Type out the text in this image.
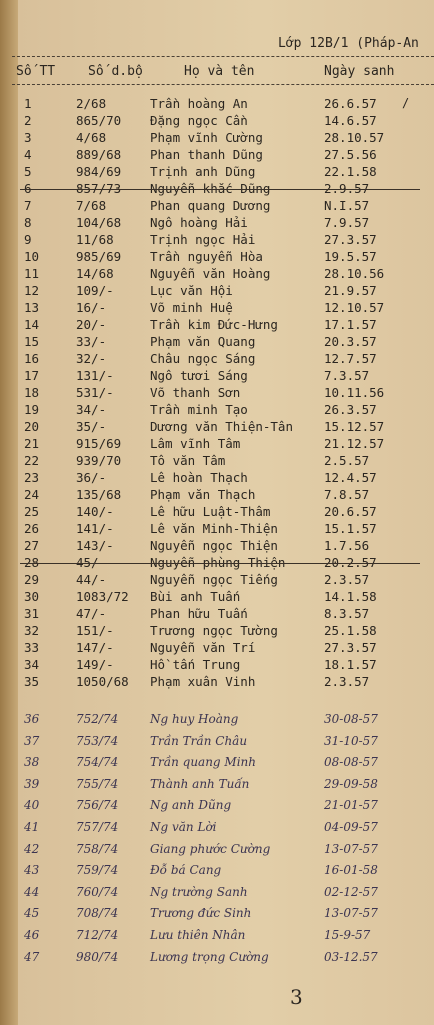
Lớp 12B/1 (Pháp-An
Số TT	Số d.bộ	Họ và tên	Ngày sanh
1	2/68	Trần hoàng An	26.6.57 /
2	865/70 Đặng ngọc Cần	14.6.57
3	4/68	Phạm vĩnh Cường	28.10.57
4	889/68 Phan thanh Dũng	27.5.56
5	984/69 Trịnh anh Dũng	22.1.58
6	857/73 Nguyễn khắc Dũng	2.9.57
7	7/68	Phan quang Dương	N.I.57
8	104/68 Ngô hoàng Hải	7.9.57
9	11/68	Trịnh ngọc Hải	27.3.57
10	985/69 Trần nguyễn Hòa	19.5.57
11	14/68	Nguyễn văn Hoàng	28.10.56
12	109/-	Lục văn Hội	21.9.57
13	16/-	Võ minh Huệ	12.10.57
14	20/-	Trần kim Đức-Hưng	17.1.57
15	33/-	Phạm văn Quang	20.3.57
16	32/-	Châu ngọc Sáng	12.7.57
17	131/-	Ngô tươi Sáng	7.3.57
18	531/-	Võ thanh Sơn	10.11.56
19	34/-	Trần minh Tạo	26.3.57
20	35/-	Dương văn Thiện-Tân 15.12.57
21	915/69 Lâm vĩnh Tâm	21.12.57
22	939/70 Tô văn Tâm	2.5.57
23	36/-	Lê hoàn Thạch	12.4.57
24	135/68 Phạm văn Thạch	7.8.57
25	140/-	Lê hữu Luật-Thâm	20.6.57
26	141/-	Lê văn Minh-Thiện	15.1.57
27	143/-	Nguyễn ngọc Thiện	1.7.56
28	45/-	Nguyễn phùng Thiện	20.2.57
29	44/-	Nguyễn ngọc Tiếng	2.3.57
30	1083/72 Bùi anh Tuấn	14.1.58
31	47/-	Phan hữu Tuấn	8.3.57
32	151/-	Trương ngọc Tường	25.1.58
33	147/-	Nguyễn văn Trí	27.3.57
34	149/-	Hồ tấn Trung	18.1.57
35	1050/68 Phạm xuân Vinh	2.3.57
36	752/74	Ng huy Hoàng	30-08-57
37	753/74	Trần Trần Châu	31-10-57
38	754/74	Trần quang Minh	08-08-57
39	755/74	Thành anh Tuấn	29-09-58
40	756/74	Ng anh Dũng	21-01-57
41	757/74	Ng văn Lời	04-09-57
42	758/74	Giang phước Cường	13-07-57
43	759/74	Đỗ bá Cang	16-01-58
44	760/74	Ng trường Sanh	02-12-57
45	708/74	Trương đức Sinh	13-07-57
46	712/74	Lưu thiên Nhân	15-9-57
47	980/74	Lương trọng Cường	03-12.57
3
